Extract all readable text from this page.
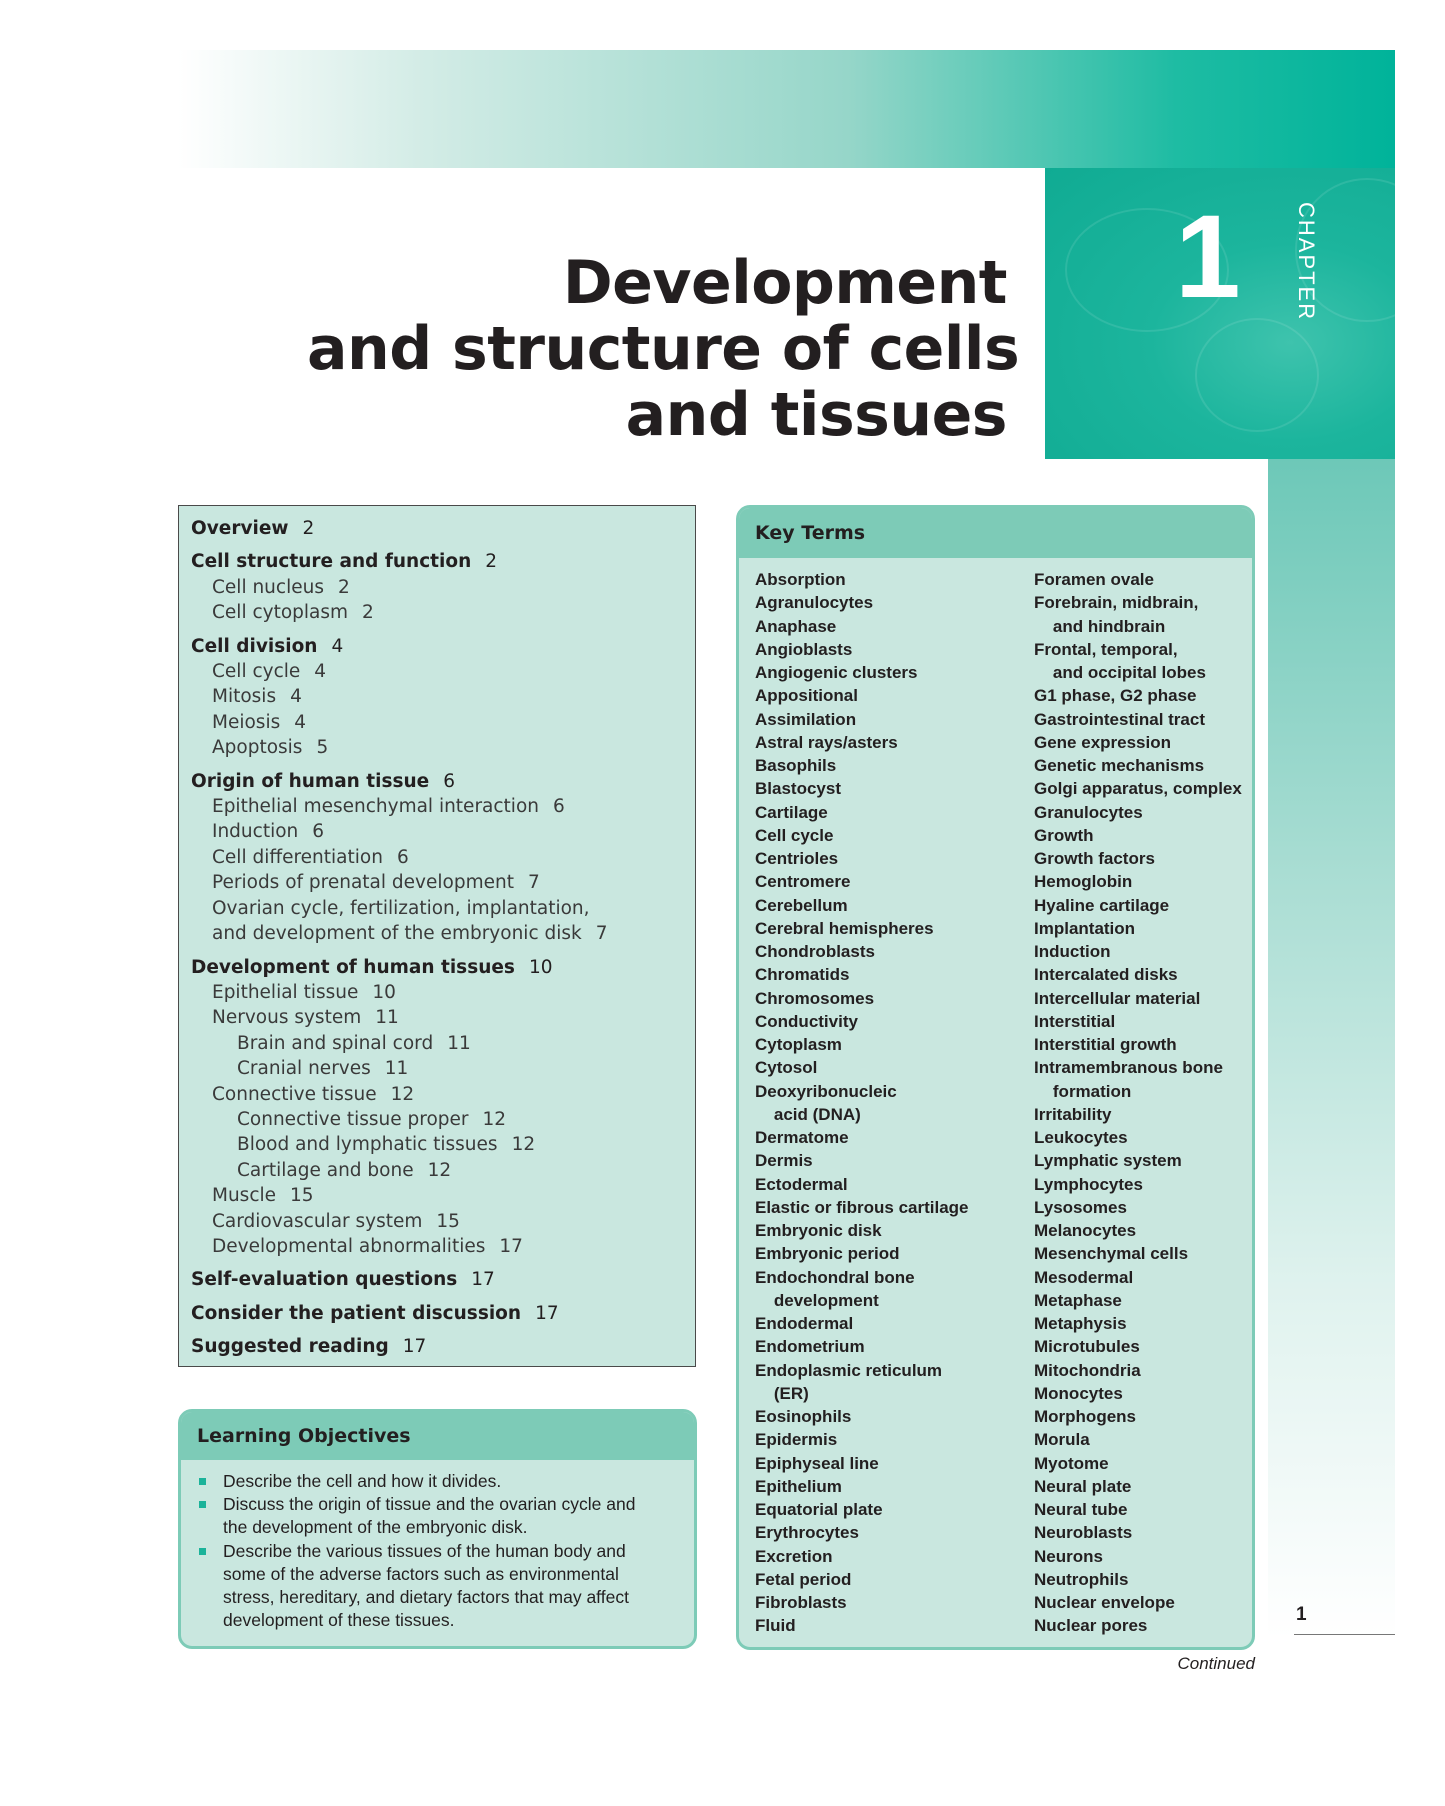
1 CHAPTER
Development
and structure of cells
and tissues
Overview 2
Cell structure and function 2
Cell nucleus 2
Cell cytoplasm 2
Cell division 4
Cell cycle 4
Mitosis 4
Meiosis 4
Apoptosis 5
Origin of human tissue 6
Epithelial mesenchymal interaction 6
Induction 6
Cell differentiation 6
Periods of prenatal development 7
Ovarian cycle, fertilization, implantation,
and development of the embryonic disk 7
Development of human tissues 10
Epithelial tissue 10
Nervous system 11
Brain and spinal cord 11
Cranial nerves 11
Connective tissue 12
Connective tissue proper 12
Blood and lymphatic tissues 12
Cartilage and bone 12
Muscle 15
Cardiovascular system 15
Developmental abnormalities 17
Self-evaluation questions 17
Consider the patient discussion 17
Suggested reading 17
Learning Objectives
Describe the cell and how it divides.
Discuss the origin of tissue and the ovarian cycle and
the development of the embryonic disk.
Describe the various tissues of the human body and
some of the adverse factors such as environmental
stress, hereditary, and dietary factors that may affect
development of these tissues.
Key Terms
Absorption
Agranulocytes
Anaphase
Angioblasts
Angiogenic clusters
Appositional
Assimilation
Astral rays/asters
Basophils
Blastocyst
Cartilage
Cell cycle
Centrioles
Centromere
Cerebellum
Cerebral hemispheres
Chondroblasts
Chromatids
Chromosomes
Conductivity
Cytoplasm
Cytosol
Deoxyribonucleic
acid (DNA)
Dermatome
Dermis
Ectodermal
Elastic or fibrous cartilage
Embryonic disk
Embryonic period
Endochondral bone
development
Endodermal
Endometrium
Endoplasmic reticulum
(ER)
Eosinophils
Epidermis
Epiphyseal line
Epithelium
Equatorial plate
Erythrocytes
Excretion
Fetal period
Fibroblasts
Fluid
Foramen ovale
Forebrain, midbrain,
and hindbrain
Frontal, temporal,
and occipital lobes
G1 phase, G2 phase
Gastrointestinal tract
Gene expression
Genetic mechanisms
Golgi apparatus, complex
Granulocytes
Growth
Growth factors
Hemoglobin
Hyaline cartilage
Implantation
Induction
Intercalated disks
Intercellular material
Interstitial
Interstitial growth
Intramembranous bone
formation
Irritability
Leukocytes
Lymphatic system
Lymphocytes
Lysosomes
Melanocytes
Mesenchymal cells
Mesodermal
Metaphase
Metaphysis
Microtubules
Mitochondria
Monocytes
Morphogens
Morula
Myotome
Neural plate
Neural tube
Neuroblasts
Neurons
Neutrophils
Nuclear envelope
Nuclear pores
1
Continued
